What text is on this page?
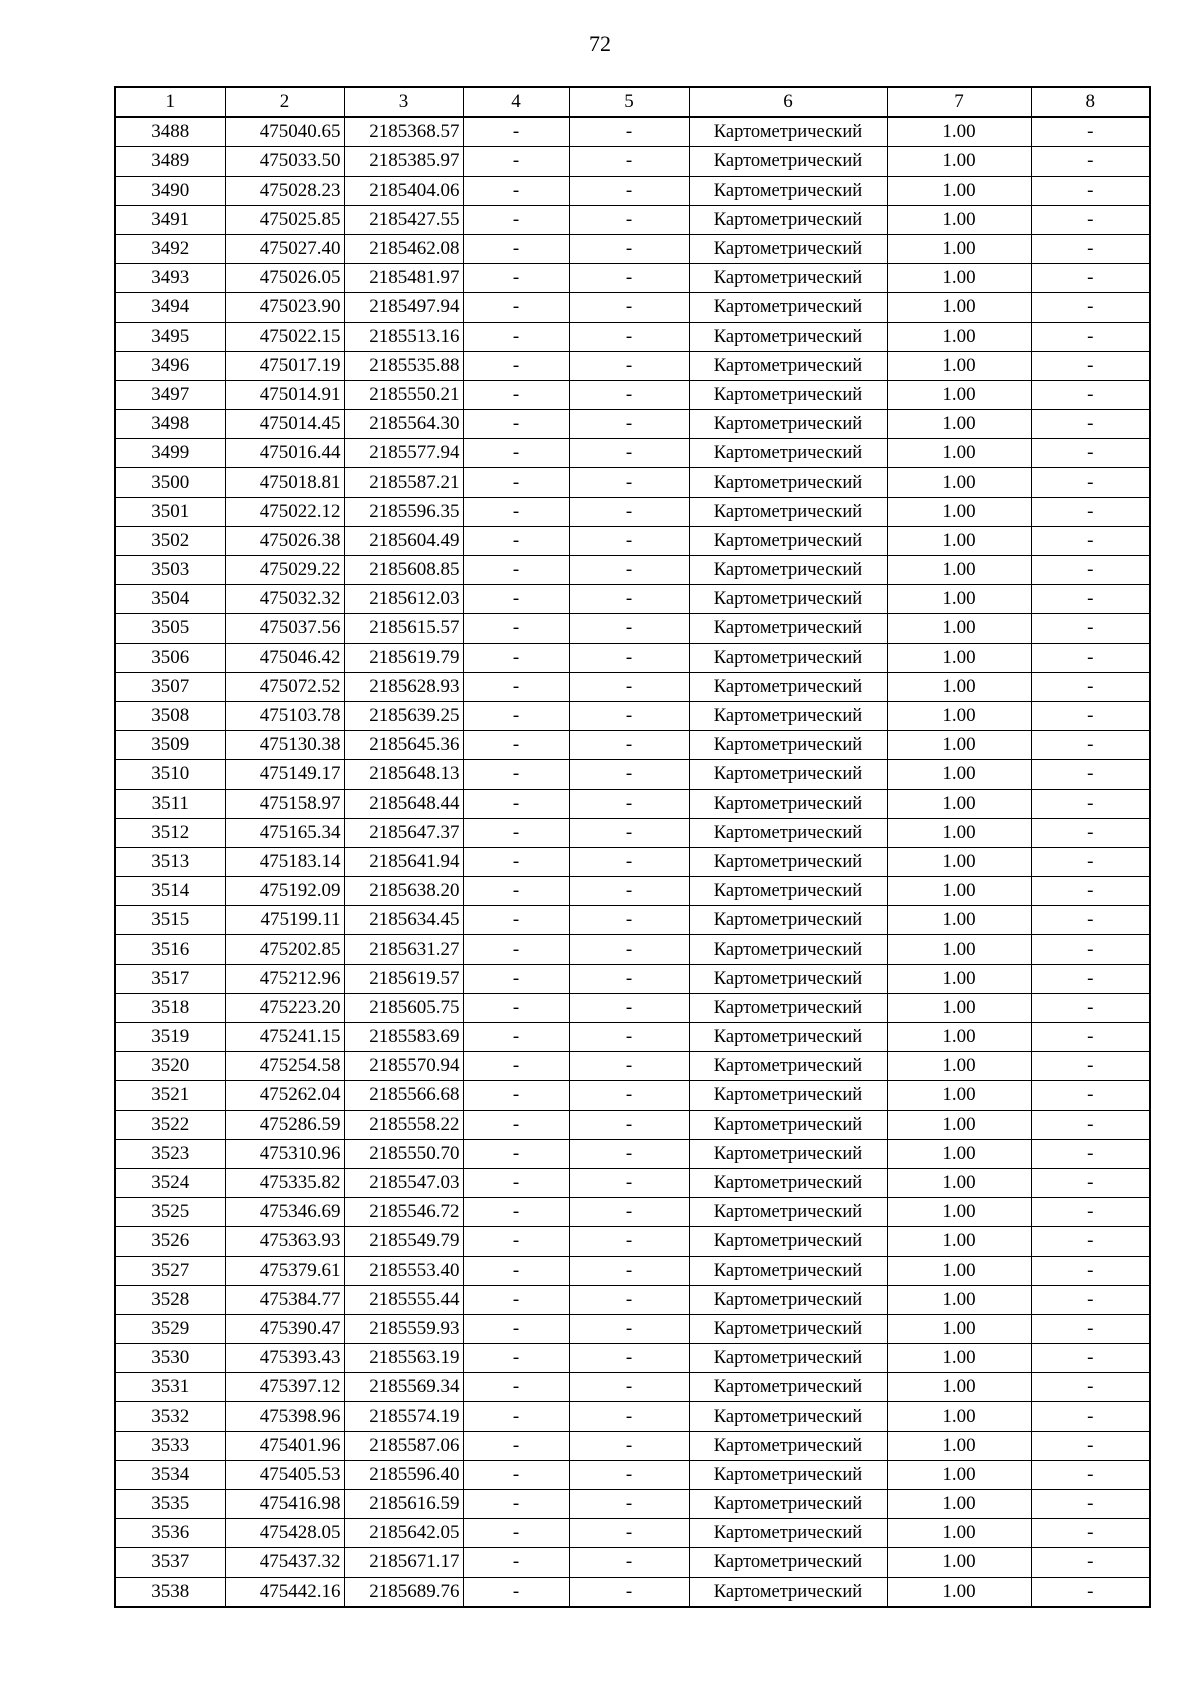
72
1	2	3	4	5	6	7	8
3488	475040.65	2185368.57	-	-	Картометрический	1.00	-
3489	475033.50	2185385.97	-	-	Картометрический	1.00	-
3490	475028.23	2185404.06	-	-	Картометрический	1.00	-
3491	475025.85	2185427.55	-	-	Картометрический	1.00	-
3492	475027.40	2185462.08	-	-	Картометрический	1.00	-
3493	475026.05	2185481.97	-	-	Картометрический	1.00	-
3494	475023.90	2185497.94	-	-	Картометрический	1.00	-
3495	475022.15	2185513.16	-	-	Картометрический	1.00	-
3496	475017.19	2185535.88	-	-	Картометрический	1.00	-
3497	475014.91	2185550.21	-	-	Картометрический	1.00	-
3498	475014.45	2185564.30	-	-	Картометрический	1.00	-
3499	475016.44	2185577.94	-	-	Картометрический	1.00	-
3500	475018.81	2185587.21	-	-	Картометрический	1.00	-
3501	475022.12	2185596.35	-	-	Картометрический	1.00	-
3502	475026.38	2185604.49	-	-	Картометрический	1.00	-
3503	475029.22	2185608.85	-	-	Картометрический	1.00	-
3504	475032.32	2185612.03	-	-	Картометрический	1.00	-
3505	475037.56	2185615.57	-	-	Картометрический	1.00	-
3506	475046.42	2185619.79	-	-	Картометрический	1.00	-
3507	475072.52	2185628.93	-	-	Картометрический	1.00	-
3508	475103.78	2185639.25	-	-	Картометрический	1.00	-
3509	475130.38	2185645.36	-	-	Картометрический	1.00	-
3510	475149.17	2185648.13	-	-	Картометрический	1.00	-
3511	475158.97	2185648.44	-	-	Картометрический	1.00	-
3512	475165.34	2185647.37	-	-	Картометрический	1.00	-
3513	475183.14	2185641.94	-	-	Картометрический	1.00	-
3514	475192.09	2185638.20	-	-	Картометрический	1.00	-
3515	475199.11	2185634.45	-	-	Картометрический	1.00	-
3516	475202.85	2185631.27	-	-	Картометрический	1.00	-
3517	475212.96	2185619.57	-	-	Картометрический	1.00	-
3518	475223.20	2185605.75	-	-	Картометрический	1.00	-
3519	475241.15	2185583.69	-	-	Картометрический	1.00	-
3520	475254.58	2185570.94	-	-	Картометрический	1.00	-
3521	475262.04	2185566.68	-	-	Картометрический	1.00	-
3522	475286.59	2185558.22	-	-	Картометрический	1.00	-
3523	475310.96	2185550.70	-	-	Картометрический	1.00	-
3524	475335.82	2185547.03	-	-	Картометрический	1.00	-
3525	475346.69	2185546.72	-	-	Картометрический	1.00	-
3526	475363.93	2185549.79	-	-	Картометрический	1.00	-
3527	475379.61	2185553.40	-	-	Картометрический	1.00	-
3528	475384.77	2185555.44	-	-	Картометрический	1.00	-
3529	475390.47	2185559.93	-	-	Картометрический	1.00	-
3530	475393.43	2185563.19	-	-	Картометрический	1.00	-
3531	475397.12	2185569.34	-	-	Картометрический	1.00	-
3532	475398.96	2185574.19	-	-	Картометрический	1.00	-
3533	475401.96	2185587.06	-	-	Картометрический	1.00	-
3534	475405.53	2185596.40	-	-	Картометрический	1.00	-
3535	475416.98	2185616.59	-	-	Картометрический	1.00	-
3536	475428.05	2185642.05	-	-	Картометрический	1.00	-
3537	475437.32	2185671.17	-	-	Картометрический	1.00	-
3538	475442.16	2185689.76	-	-	Картометрический	1.00	-
